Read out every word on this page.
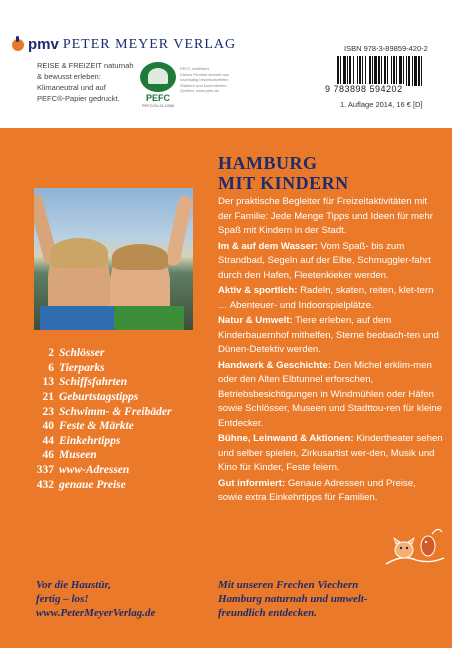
pmv PETER MEYER VERLAG
REISE & FREIZEIT naturnah
& bewusst erleben:
Klimaneutral und auf
PEFC®-Papier gedruckt.	PEFC
PEFC/04-31-0958
PEFC zertifiziert
Dieses Produkt stammt aus nachhaltig bewirtschafteten Wäldern und kontrollierten Quellen. www.pefc.de
ISBN 978-3-89859-420-2
9 783898 594202
1. Auflage 2014, 16 € [D]
2 Schlösser
6 Tierparks
13 Schiffsfahrten
21 Geburtstagstipps
23 Schwimm- & Freibäder
40 Feste & Märkte
44 Einkehrtipps
46 Museen
337 www-Adressen
432 genaue Preise
HAMBURG
MIT KINDERN

Der praktische Begleiter für Freizeitaktivitäten mit der Familie: Jede Menge Tipps und Ideen für mehr Spaß mit Kindern in der Stadt.

Im & auf dem Wasser: Vom Spaß- bis zum Strandbad, Segeln auf der Elbe, Schmuggler-fahrt durch den Hafen, Fleetenkieker werden.

Aktiv & sportlich: Radeln, skaten, reiten, klet-tern … Abenteuer- und Indoorspielplätze.

Natur & Umwelt: Tiere erleben, auf dem Kinderbauernhof mithelfen, Sterne beobach-ten und Dünen-Detektiv werden.

Handwerk & Geschichte: Den Michel erklim-men oder den Alten Elbtunnel erforschen, Betriebsbesichtigungen in Windmühlen oder Häfen sowie Schlösser, Museen und Stadttou-ren für kleine Entdecker.

Bühne, Leinwand & Aktionen: Kindertheater sehen und selber spielen, Zirkusartist wer-den, Musik und Kino für Kinder, Feste feiern.

Gut informiert: Genaue Adressen und Preise, sowie extra Einkehrtipps für Familien.

Vor die Haustür,
fertig – los!
www.PeterMeyerVerlag.de
Mit unseren Frechen Viechern
Hamburg naturnah und umwelt-
freundlich entdecken.
